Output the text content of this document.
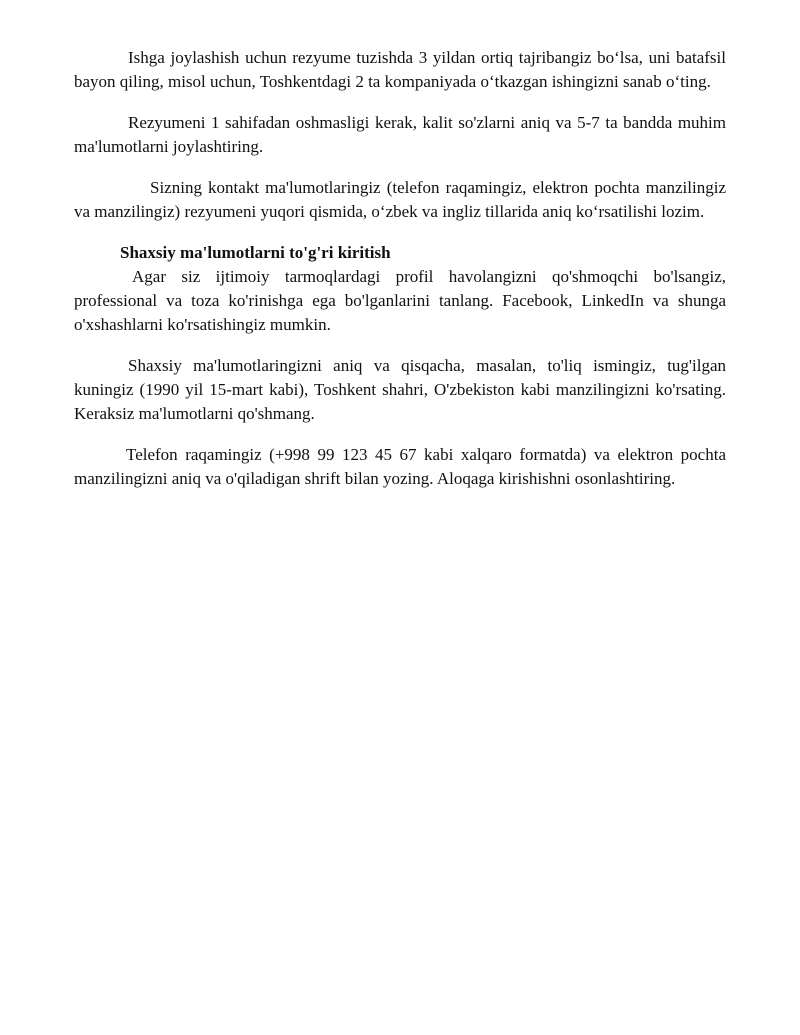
Ishga joylashish uchun rezyume tuzishda 3 yildan ortiq tajribangiz bo‘lsa, uni batafsil bayon qiling, misol uchun, Toshkentdagi 2 ta kompaniyada o‘tkazgan ishingizni sanab o‘ting.

Rezyumeni 1 sahifadan oshmasligi kerak, kalit so'zlarni aniq va 5-7 ta bandda muhim ma'lumotlarni joylashtiring.

Sizning kontakt ma'lumotlaringiz (telefon raqamingiz, elektron pochta manzilingiz va manzilingiz) rezyumeni yuqori qismida, o‘zbek va ingliz tillarida aniq ko‘rsatilishi lozim.

Shaxsiy ma'lumotlarni to'g'ri kiritish

Agar siz ijtimoiy tarmoqlardagi profil havolangizni qo'shmoqchi bo'lsangiz, professional va toza ko'rinishga ega bo'lganlarini tanlang. Facebook, LinkedIn va shunga o'xshashlarni ko'rsatishingiz mumkin.

Shaxsiy ma'lumotlaringizni aniq va qisqacha, masalan, to'liq ismingiz, tug'ilgan kuningiz (1990 yil 15-mart kabi), Toshkent shahri, O'zbekiston kabi manzilingizni ko'rsating. Keraksiz ma'lumotlarni qo'shmang.

Telefon raqamingiz (+998 99 123 45 67 kabi xalqaro formatda) va elektron pochta manzilingizni aniq va o'qiladigan shrift bilan yozing. Aloqaga kirishishni osonlashtiring.
